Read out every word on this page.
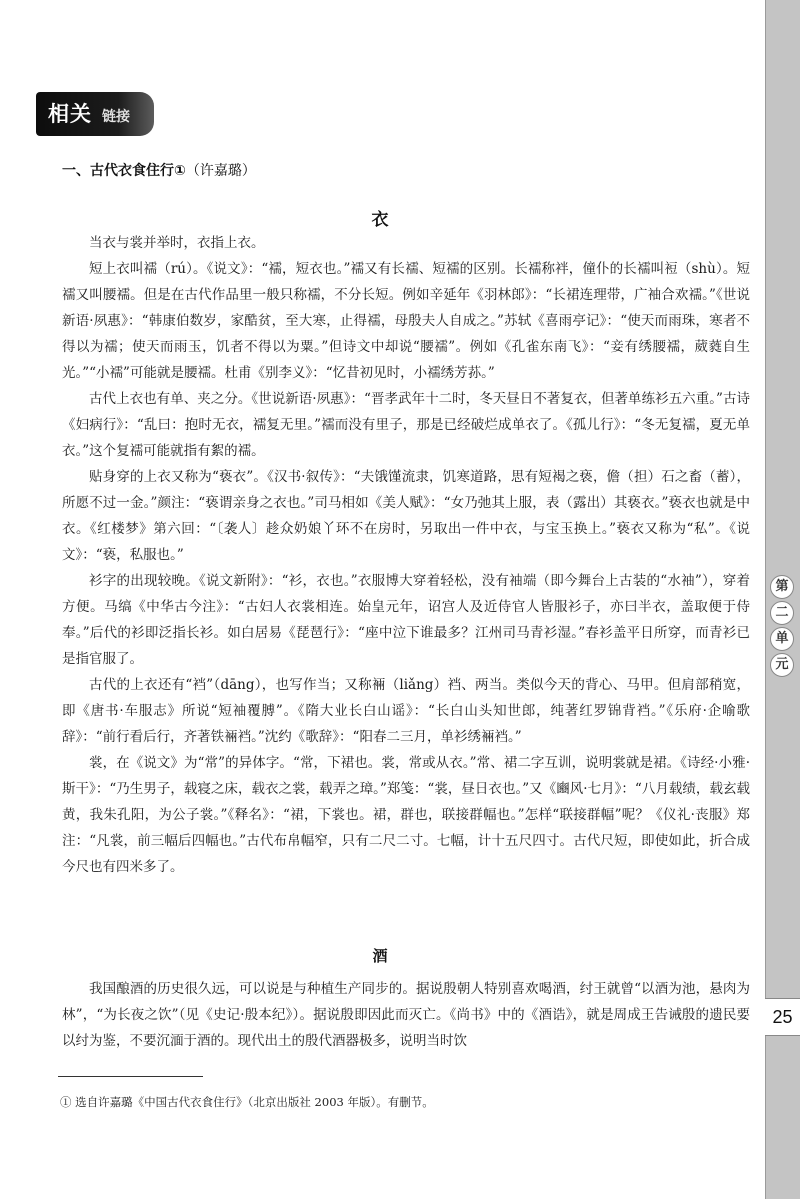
第
二
单
元
25
相关 链接
一、古代衣食住行①（许嘉璐）
衣

当衣与裳并举时，衣指上衣。

短上衣叫襦（rú）。《说文》：“襦，短衣也。”襦又有长襦、短襦的区别。长襦称袢，僮仆的长襦叫裋（shù）。短襦又叫腰襦。但是在古代作品里一般只称襦，不分长短。例如辛延年《羽林郎》：“长裙连理带，广袖合欢襦。”《世说新语·夙惠》：“韩康伯数岁，家酷贫，至大寒，止得襦，母殷夫人自成之。”苏轼《喜雨亭记》：“使天而雨珠，寒者不得以为襦；使天而雨玉，饥者不得以为粟。”但诗文中却说“腰襦”。例如《孔雀东南飞》：“妾有绣腰襦，葳蕤自生光。”“小襦”可能就是腰襦。杜甫《别李义》：“忆昔初见时，小襦绣芳荪。”

古代上衣也有单、夹之分。《世说新语·夙惠》：“晋孝武年十二时，冬天昼日不著复衣，但著单练衫五六重。”古诗《妇病行》：“乱曰：抱时无衣，襦复无里。”襦而没有里子，那是已经破烂成单衣了。《孤儿行》：“冬无复襦，夏无单衣。”这个复襦可能就指有絮的襦。

贴身穿的上衣又称为“亵衣”。《汉书·叙传》：“夫饿馑流隶，饥寒道路，思有短褐之亵，儋（担）石之畜（蓄），所愿不过一金。”颜注：“亵谓亲身之衣也。”司马相如《美人赋》：“女乃弛其上服，表（露出）其亵衣。”亵衣也就是中衣。《红楼梦》第六回：“〔袭人〕趁众奶娘丫环不在房时，另取出一件中衣，与宝玉换上。”亵衣又称为“私”。《说文》：“亵，私服也。”

衫字的出现较晚。《说文新附》：“衫，衣也。”衣服博大穿着轻松，没有袖端（即今舞台上古装的“水袖”），穿着方便。马缟《中华古今注》：“古妇人衣裳相连。始皇元年，诏宫人及近侍官人皆服衫子，亦曰半衣，盖取便于侍奉。”后代的衫即泛指长衫。如白居易《琵琶行》：“座中泣下谁最多？江州司马青衫湿。”春衫盖平日所穿，而青衫已是指官服了。

古代的上衣还有“裆”（dāng），也写作当；又称裲（liǎng）裆、两当。类似今天的背心、马甲。但肩部稍宽，即《唐书·车服志》所说“短袖覆膊”。《隋大业长白山谣》：“长白山头知世郎，纯著红罗锦背裆。”《乐府·企喻歌辞》：“前行看后行，齐著铁裲裆。”沈约《歌辞》：“阳春二三月，单衫绣裲裆。”

裳，在《说文》为“常”的异体字。“常，下裙也。裳，常或从衣。”常、裙二字互训，说明裳就是裙。《诗经·小雅·斯干》：“乃生男子，载寝之床，载衣之裳，载弄之璋。”郑笺：“裳，昼日衣也。”又《豳风·七月》：“八月载绩，载玄载黄，我朱孔阳，为公子裳。”《释名》：“裙，下裳也。裙，群也，联接群幅也。”怎样“联接群幅”呢？《仪礼·丧服》郑注：“凡裳，前三幅后四幅也。”古代布帛幅窄，只有二尺二寸。七幅，计十五尺四寸。古代尺短，即使如此，折合成今尺也有四米多了。

酒

我国酿酒的历史很久远，可以说是与种植生产同步的。据说殷朝人特别喜欢喝酒，纣王就曾“以酒为池，悬肉为林”，“为长夜之饮”（见《史记·殷本纪》）。据说殷即因此而灭亡。《尚书》中的《酒诰》，就是周成王告诫殷的遗民要以纣为鉴，不要沉湎于酒的。现代出土的殷代酒器极多，说明当时饮

① 选自许嘉璐《中国古代衣食住行》（北京出版社 2003 年版）。有删节。
